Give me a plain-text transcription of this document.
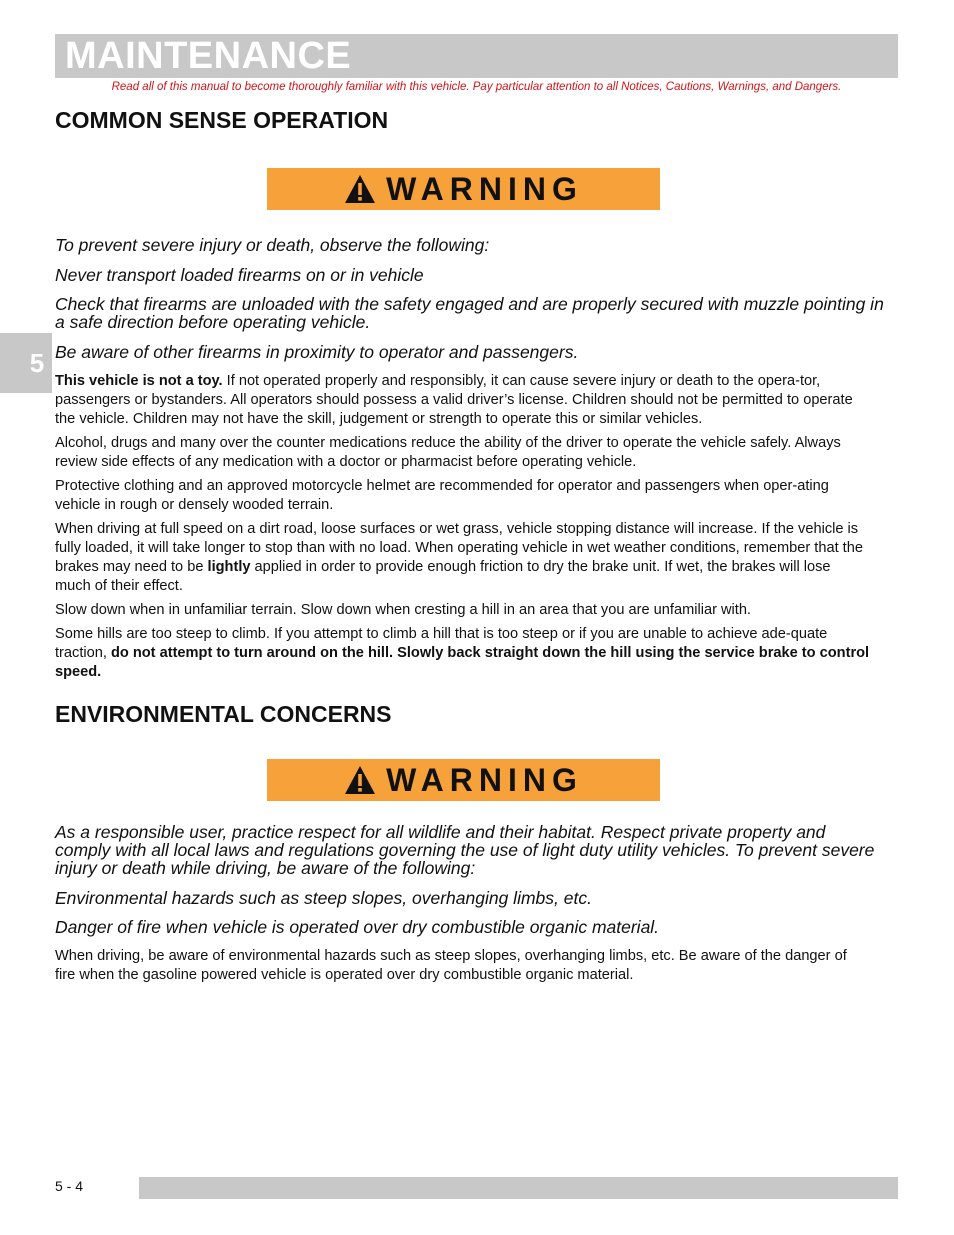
MAINTENANCE
Read all of this manual to become thoroughly familiar with this vehicle. Pay particular attention to all Notices, Cautions, Warnings, and Dangers.
5
COMMON SENSE OPERATION
WARNING

To prevent severe injury or death, observe the following:

Never transport loaded firearms on or in vehicle

Check that firearms are unloaded with the safety engaged and are properly secured with muzzle pointing in a safe direction before operating vehicle.

Be aware of other firearms in proximity to operator and passengers.

This vehicle is not a toy. If not operated properly and responsibly, it can cause severe injury or death to the opera-tor, passengers or bystanders. All operators should possess a valid driver’s license. Children should not be permitted to operate the vehicle. Children may not have the skill, judgement or strength to operate this or similar vehicles.

Alcohol, drugs and many over the counter medications reduce the ability of the driver to operate the vehicle safely. Always review side effects of any medication with a doctor or pharmacist before operating vehicle.

Protective clothing and an approved motorcycle helmet are recommended for operator and passengers when oper-ating vehicle in rough or densely wooded terrain.

When driving at full speed on a dirt road, loose surfaces or wet grass, vehicle stopping distance will increase. If the vehicle is fully loaded, it will take longer to stop than with no load. When operating vehicle in wet weather conditions, remember that the brakes may need to be lightly applied in order to provide enough friction to dry the brake unit. If wet, the brakes will lose much of their effect.

Slow down when in unfamiliar terrain. Slow down when cresting a hill in an area that you are unfamiliar with.

Some hills are too steep to climb. If you attempt to climb a hill that is too steep or if you are unable to achieve ade-quate traction, do not attempt to turn around on the hill. Slowly back straight down the hill using the service brake to control speed.

ENVIRONMENTAL CONCERNS
WARNING

As a responsible user, practice respect for all wildlife and their habitat. Respect private property and comply with all local laws and regulations governing the use of light duty utility vehicles. To prevent severe injury or death while driving, be aware of the following:

Environmental hazards such as steep slopes, overhanging limbs, etc.

Danger of fire when vehicle is operated over dry combustible organic material.

When driving, be aware of environmental hazards such as steep slopes, overhanging limbs, etc. Be aware of the danger of fire when the gasoline powered vehicle is operated over dry combustible organic material.

5 - 4
